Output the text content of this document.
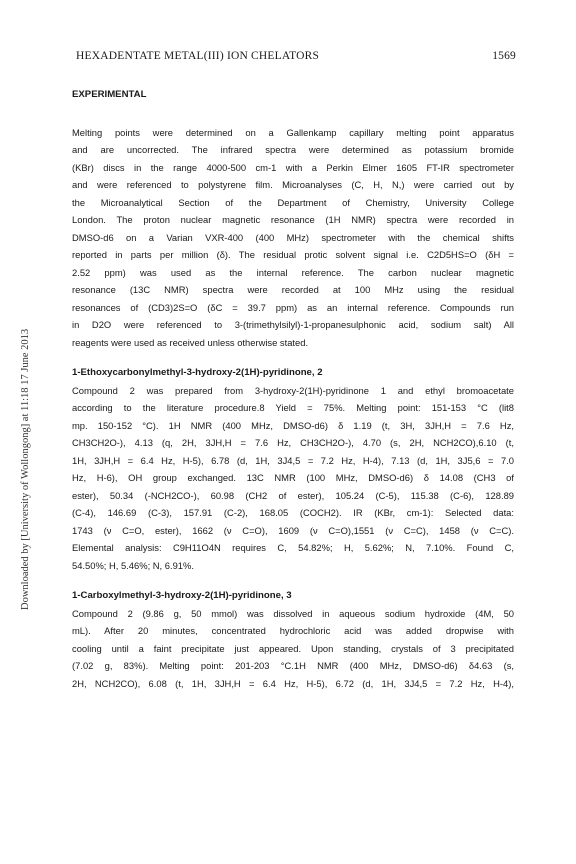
HEXADENTATE METAL(III) ION CHELATORS	1569
Downloaded by [University of Wollongong] at 11:18 17 June 2013
EXPERIMENTAL
Melting points were determined on a Gallenkamp capillary melting point apparatus
and are uncorrected. The infrared spectra were determined as potassium bromide
(KBr) discs in the range 4000-500 cm-1 with a Perkin Elmer 1605 FT-IR spectrometer
and were referenced to polystyrene film. Microanalyses (C, H, N,) were carried out by
the Microanalytical Section of the Department of Chemistry, University College
London. The proton nuclear magnetic resonance (1H NMR) spectra were recorded in
DMSO-d6 on a Varian VXR-400 (400 MHz) spectrometer with the chemical shifts
reported in parts per million (δ). The residual protic solvent signal i.e. C2D5HS=O (δH =
2.52 ppm) was used as the internal reference. The carbon nuclear magnetic
resonance (13C NMR) spectra were recorded at 100 MHz using the residual
resonances of (CD3)2S=O (δC = 39.7 ppm) as an internal reference. Compounds run
in D2O were referenced to 3-(trimethylsilyl)-1-propanesulphonic acid, sodium salt) All
reagents were used as received unless otherwise stated.
1-Ethoxycarbonylmethyl-3-hydroxy-2(1H)-pyridinone, 2
Compound 2 was prepared from 3-hydroxy-2(1H)-pyridinone 1 and ethyl bromoacetate
according to the literature procedure.8 Yield = 75%. Melting point: 151-153 °C (lit8
mp. 150-152 °C). 1H NMR (400 MHz, DMSO-d6) δ 1.19 (t, 3H, 3JH,H = 7.6 Hz,
CH3CH2O-), 4.13 (q, 2H, 3JH,H = 7.6 Hz, CH3CH2O-), 4.70 (s, 2H, NCH2CO),6.10 (t,
1H, 3JH,H = 6.4 Hz, H-5), 6.78 (d, 1H, 3J4,5 = 7.2 Hz, H-4), 7.13 (d, 1H, 3J5,6 = 7.0
Hz, H-6), OH group exchanged. 13C NMR (100 MHz, DMSO-d6) δ 14.08 (CH3 of
ester), 50.34 (-NCH2CO-), 60.98 (CH2 of ester), 105.24 (C-5), 115.38 (C-6), 128.89
(C-4), 146.69 (C-3), 157.91 (C-2), 168.05 (COCH2). IR (KBr, cm-1): Selected data:
1743 (ν C=O, ester), 1662 (ν C=O), 1609 (ν C=O),1551 (ν C=C), 1458 (ν C=C).
Elemental analysis: C9H11O4N requires C, 54.82%; H, 5.62%; N, 7.10%. Found C,
54.50%; H, 5.46%; N, 6.91%.
1-Carboxylmethyl-3-hydroxy-2(1H)-pyridinone, 3
Compound 2 (9.86 g, 50 mmol) was dissolved in aqueous sodium hydroxide (4M, 50
mL). After 20 minutes, concentrated hydrochloric acid was added dropwise with
cooling until a faint precipitate just appeared. Upon standing, crystals of 3 precipitated
(7.02 g, 83%). Melting point: 201-203 °C.1H NMR (400 MHz, DMSO-d6) δ4.63 (s,
2H, NCH2CO), 6.08 (t, 1H, 3JH,H = 6.4 Hz, H-5), 6.72 (d, 1H, 3J4,5 = 7.2 Hz, H-4),
